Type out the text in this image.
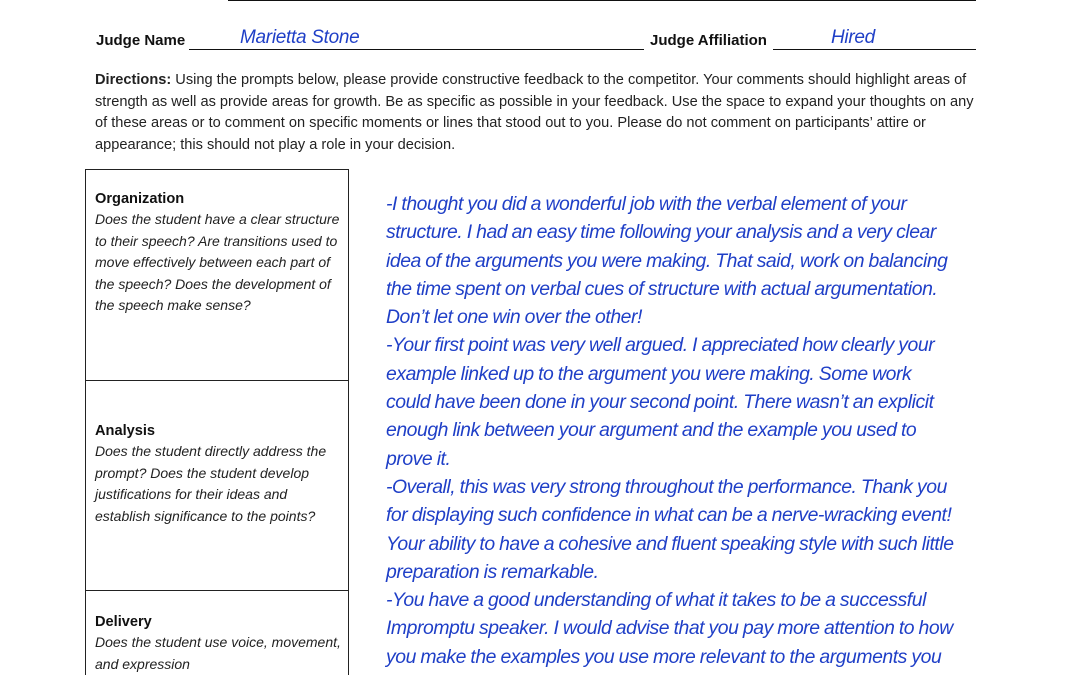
Judge Name	Marietta Stone	Judge Affiliation	Hired
Directions: Using the prompts below, please provide constructive feedback to the competitor. Your comments should highlight areas of strength as well as provide areas for growth. Be as specific as possible in your feedback. Use the space to expand your thoughts on any of these areas or to comment on specific moments or lines that stood out to you. Please do not comment on participants’ attire or appearance; this should not play a role in your decision.
Organization
Does the student have a clear structure to their speech? Are transitions used to move effectively between each part of the speech? Does the development of the speech make sense?
Analysis
Does the student directly address the prompt? Does the student develop justifications for their ideas and establish significance to the points?
Delivery
Does the student use voice, movement, and expression
-I thought you did a wonderful job with the verbal element of your
structure. I had an easy time following your analysis and a very clear
idea of the arguments you were making. That said, work on balancing
the time spent on verbal cues of structure with actual argumentation.
Don’t let one win over the other!
-Your first point was very well argued. I appreciated how clearly your
example linked up to the argument you were making. Some work
could have been done in your second point. There wasn’t an explicit
enough link between your argument and the example you used to
prove it.
-Overall, this was very strong throughout the performance. Thank you
for displaying such confidence in what can be a nerve-wracking event!
Your ability to have a cohesive and fluent speaking style with such little
preparation is remarkable.
-You have a good understanding of what it takes to be a successful
Impromptu speaker. I would advise that you pay more attention to how
you make the examples you use more relevant to the arguments you
